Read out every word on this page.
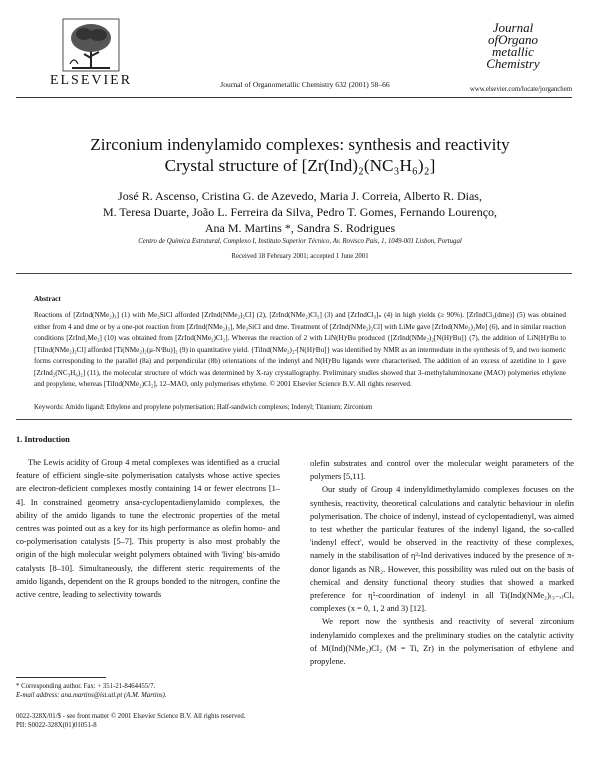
ELSEVIER	Journal of Organometallic Chemistry 632 (2001) 58–66
Journal
ofOrgano
metallic
Chemistry
www.elsevier.com/locate/jorganchem
Zirconium indenylamido complexes: synthesis and reactivity
Crystal structure of [Zr(Ind)₂(NC₃H₆)₂]
José R. Ascenso, Cristina G. de Azevedo, Maria J. Correia, Alberto R. Dias,
M. Teresa Duarte, João L. Ferreira da Silva, Pedro T. Gomes, Fernando Lourenço,
Ana M. Martins *, Sandra S. Rodrigues
Centro de Química Estrutural, Complexo I, Instituto Superior Técnico, Av. Rovisco Pais, 1, 1049-001 Lisbon, Portugal
Received 18 February 2001; accepted 1 June 2001
Abstract
Reactions of [ZrInd(NMe₂)₃] (1) with Me₃SiCl afforded [ZrInd(NMe₂)₂Cl] (2), [ZrInd(NMe₂)Cl₂] (3) and [ZrIndCl₃]ₙ (4) in high yields (≥ 90%). [ZrIndCl₃(dme)] (5) was obtained either from 4 and dme or by a one-pot reaction from [ZrInd(NMe₂)₃], Me₃SiCl and dme. Treatment of [ZrInd(NMe₂)₂Cl] with LiMe gave [ZrInd(NMe₂)₂Me] (6), and in similar reaction conditions [ZrInd₂Me₂] (10) was obtained from [ZrInd(NMe₂)Cl₂]. Whereas the reaction of 2 with LiN(H)ᵗBu produced {[ZrInd(NMe₂)₂[N(H)ᵗBu]} (7), the addition of LiN(H)ᵗBu to [TiInd(NMe₂)₂Cl] afforded [Ti(NMe₂)₂(μ-NᵗBu)]₂ (9) in quantitative yield. {TiInd(NMe₂)₂-[N(H)ᵗBu]} was identified by NMR as an intermediate in the synthesis of 9, and two isomeric forms corresponding to the parallel (8a) and perpendicular (8b) orientations of the indenyl and N(H)ᵗBu ligands were characterised. The addition of an excess of azetidine to 1 gave [ZrInd₂(NC₃H₆)₂] (11), the molecular structure of which was determined by X-ray crystallography. Preliminary studies showed that 3–methylaluminoxane (MAO) polymeries ethylene and propylene, whereas [TiInd(NMe₂)Cl₂], 12–MAO, only polymerises ethylene. © 2001 Elsevier Science B.V. All rights reserved.
Keywords: Amido ligand; Ethylene and propylene polymerisation; Half-sandwich complexes; Indenyl; Titanium; Zirconium
1. Introduction
The Lewis acidity of Group 4 metal complexes was identified as a crucial feature of efficient single-site polymerisation catalysts whose active species are electron-deficient complexes mostly containing 14 or fewer electrons [1–4]. In constrained geometry ansa-cyclopentadienylamido complexes, the ability of the amido ligands to tune the electronic properties of the metal centres was pointed out as a key for its high performance as olefin homo- and co-polymerisation catalysts [5–7]. This property is also most probably the origin of the high molecular weight polymers obtained with 'living' bis-amido catalysts [8–10]. Simultaneously, the different steric requirements of the amido ligands, dependent on the R groups bonded to the nitrogen, confine the active centre, leading to selectivity towards

olefin substrates and control over the molecular weight parameters of the polymers [5,11].

Our study of Group 4 indenyldimethylamido complexes focuses on the synthesis, reactivity, theoretical calculations and catalytic behaviour in olefin polymerisation. The choice of indenyl, instead of cyclopentadienyl, was aimed to test whether the particular features of the indenyl ligand, the so-called 'indenyl effect', would be observed in the reactivity of these complexes, namely in the stabilisation of η³-Ind derivatives induced by the presence of π-donor ligands as NR₂. However, this possibility was ruled out on the basis of chemical and density functional theory studies that showed a marked preference for η⁵-coordination of indenyl in all Ti(Ind)(NMe₂)₍₃₋ₓ₎Clₓ complexes (x = 0, 1, 2 and 3) [12].

We report now the synthesis and reactivity of several zirconium indenylamido complexes and the preliminary studies on the catalytic activity of M(Ind)(NMe₂)Cl₂ (M = Ti, Zr) in the polymerisation of ethylene and propylene.

* Corresponding author. Fax: + 351-21-8464455/7.
E-mail address: ana.martins@ist.utl.pt (A.M. Martins).
0022-328X/01/$ - see front matter © 2001 Elsevier Science B.V. All rights reserved.
PII: S0022-328X(01)01051-8
